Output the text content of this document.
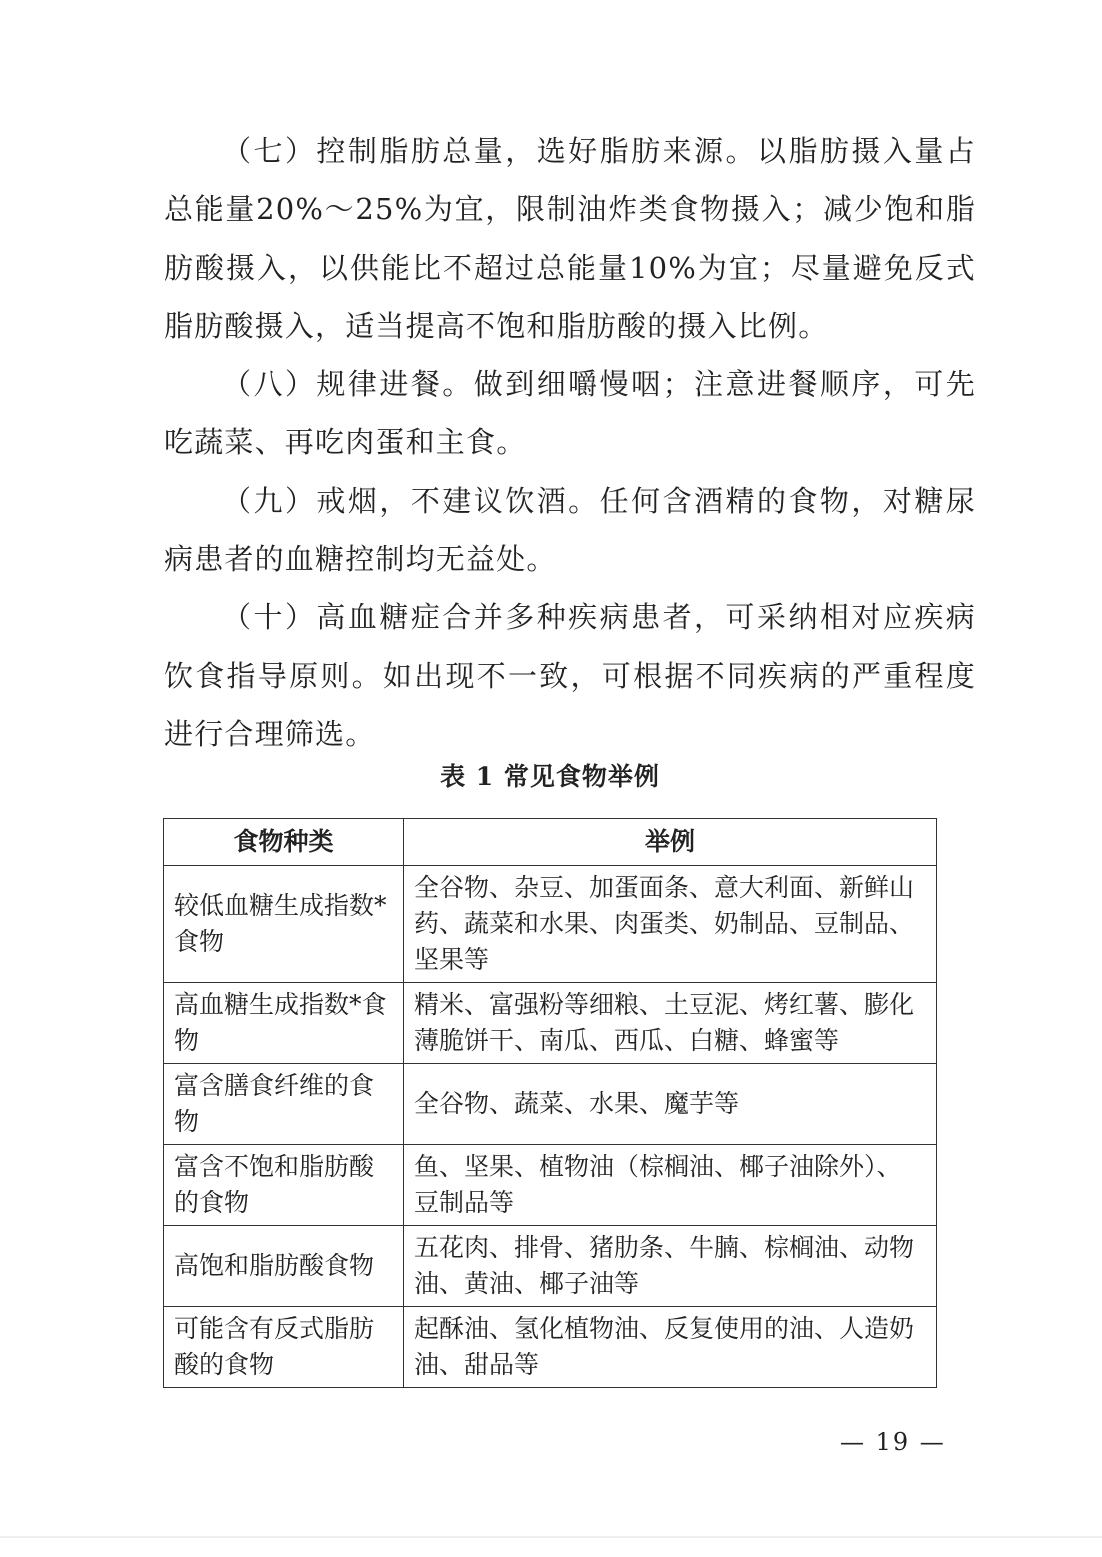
（七）控制脂肪总量，选好脂肪来源。以脂肪摄入量占总能量20%～25%为宜，限制油炸类食物摄入；减少饱和脂肪酸摄入，以供能比不超过总能量10%为宜；尽量避免反式脂肪酸摄入，适当提高不饱和脂肪酸的摄入比例。

（八）规律进餐。做到细嚼慢咽；注意进餐顺序，可先吃蔬菜、再吃肉蛋和主食。

（九）戒烟，不建议饮酒。任何含酒精的食物，对糖尿病患者的血糖控制均无益处。

（十）高血糖症合并多种疾病患者，可采纳相对应疾病饮食指导原则。如出现不一致，可根据不同疾病的严重程度进行合理筛选。

表 1 常见食物举例
食物种类	举例
较低血糖生成指数*食物	全谷物、杂豆、加蛋面条、意大利面、新鲜山药、蔬菜和水果、肉蛋类、奶制品、豆制品、坚果等
高血糖生成指数*食物	精米、富强粉等细粮、土豆泥、烤红薯、膨化薄脆饼干、南瓜、西瓜、白糖、蜂蜜等
富含膳食纤维的食物	全谷物、蔬菜、水果、魔芋等
富含不饱和脂肪酸的食物	鱼、坚果、植物油（棕榈油、椰子油除外）、豆制品等
高饱和脂肪酸食物	五花肉、排骨、猪肋条、牛腩、棕榈油、动物油、黄油、椰子油等
可能含有反式脂肪酸的食物	起酥油、氢化植物油、反复使用的油、人造奶油、甜品等
— 19 —
